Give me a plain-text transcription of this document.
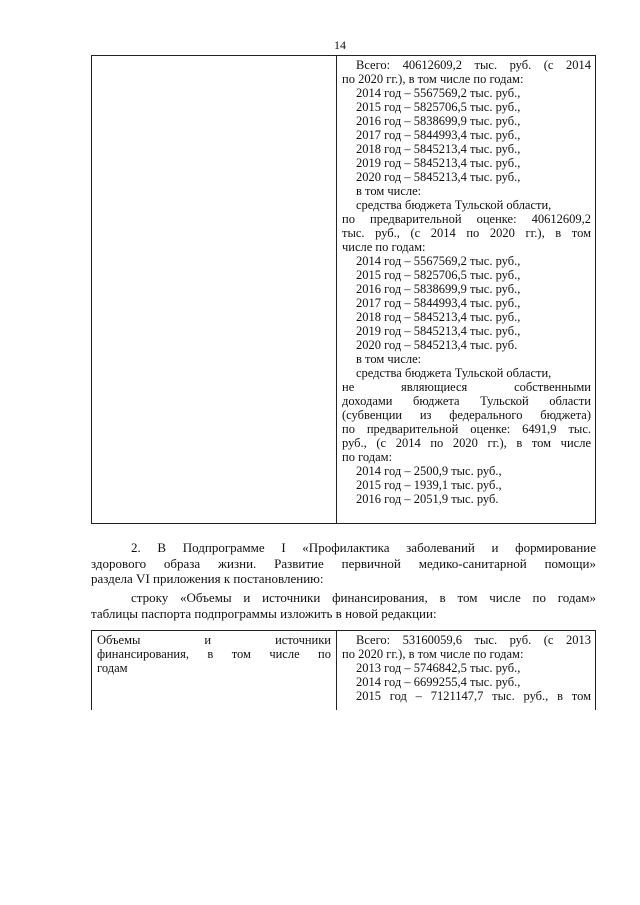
14
Всего: 40612609,2 тыс. руб. (с 2014
по 2020 гг.), в том числе по годам:
2014 год – 5567569,2 тыс. руб.,
2015 год – 5825706,5 тыс. руб.,
2016 год – 5838699,9 тыс. руб.,
2017 год – 5844993,4 тыс. руб.,
2018 год – 5845213,4 тыс. руб.,
2019 год – 5845213,4 тыс. руб.,
2020 год – 5845213,4 тыс. руб.,
в том числе:
средства бюджета Тульской области,
по предварительной оценке: 40612609,2
тыс. руб., (с 2014 по 2020 гг.), в том
числе по годам:
2014 год – 5567569,2 тыс. руб.,
2015 год – 5825706,5 тыс. руб.,
2016 год – 5838699,9 тыс. руб.,
2017 год – 5844993,4 тыс. руб.,
2018 год – 5845213,4 тыс. руб.,
2019 год – 5845213,4 тыс. руб.,
2020 год – 5845213,4 тыс. руб.
в том числе:
средства бюджета Тульской области,
не являющиеся собственными
доходами бюджета Тульской области
(субвенции из федерального бюджета)
по предварительной оценке: 6491,9 тыс.
руб., (с 2014 по 2020 гг.), в том числе
по годам:
2014 год – 2500,9 тыс. руб.,
2015 год – 1939,1 тыс. руб.,
2016 год – 2051,9 тыс. руб.
2. В Подпрограмме I «Профилактика заболеваний и формирование
здорового образа жизни. Развитие первичной медико-санитарной помощи»
раздела VI приложения к постановлению:
строку «Объемы и источники финансирования, в том числе по годам»
таблицы паспорта подпрограммы изложить в новой редакции:
Объемы и источники
финансирования, в том числе по
годам
Всего: 53160059,6 тыс. руб. (с 2013
по 2020 гг.), в том числе по годам:
2013 год – 5746842,5 тыс. руб.,
2014 год – 6699255,4 тыс. руб.,
2015 год – 7121147,7 тыс. руб., в том
